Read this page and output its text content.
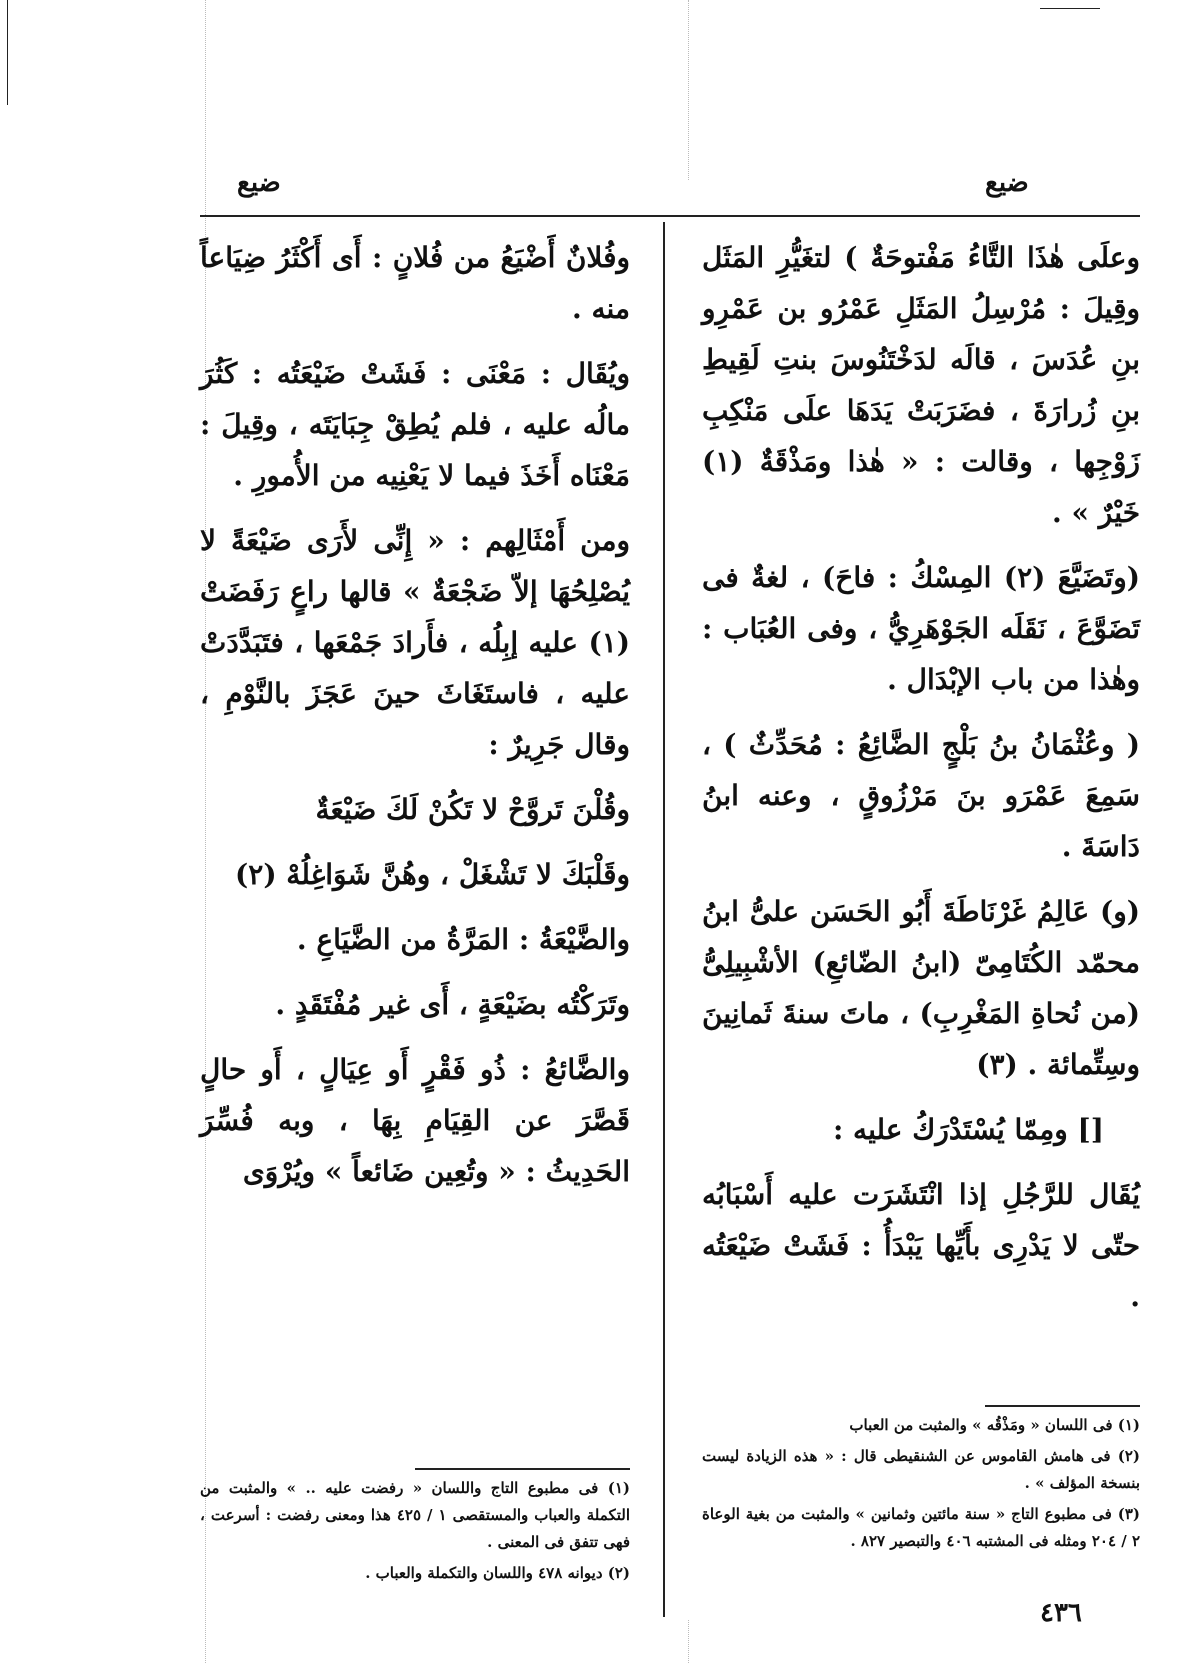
ضيع	ضيع

وعلَى هٰذَا التَّاءُ مَفْتوحَةٌ ) لتغَيُّرِ المَثَل وقِيلَ : مُرْسِلُ المَثَلِ عَمْرُو بن عَمْرِو بنِ عُدَسَ ، قالَه لدَخْتَنُوسَ بنتِ لَقِيطِ بنِ زُرارَةَ ، فضَرَبَتْ يَدَهَا علَى مَنْكِبِ زَوْجِها ، وقالت : « هٰذا ومَذْقَةٌ (١) خَيْرٌ » .

(وتَضَيَّعَ (٢) المِسْكُ : فاحَ) ، لغةٌ فى تَضَوَّعَ ، نَقَلَه الجَوْهَرِيُّ ، وفى العُبَاب : وهٰذا من باب الإبْدَال .

( وعُثْمَانُ بنُ بَلْجٍ الضَّائِعُ : مُحَدِّثٌ ) ، سَمِعَ عَمْرَو بنَ مَرْزُوقٍ ، وعنه ابنُ دَاسَةَ .

(و) عَالِمُ غَرْنَاطَةَ أَبُو الحَسَن علىُّ ابنُ محمّد الكُتَامِىّ (ابنُ الضّائعِ) الأشْبِيلِىُّ (من نُحاةِ المَغْرِبِ) ، ماتَ سنةَ ثَمانِينَ وسِتِّمائة . (٣)

[] ومِمّا يُسْتَدْرَكُ عليه :

يُقَال للرَّجُلِ إذا انْتَشَرَت عليه أَسْبَابُه حتّى لا يَدْرِى بأَيِّها يَبْدَأُ : فَشَتْ ضَيْعَتُه .

(١) فى اللسان « ومَذْقُه » والمثبت من العباب

(٢) فى هامش القاموس عن الشنقيطى قال : « هذه الزيادة ليست بنسخة المؤلف » .

(٣) فى مطبوع التاج « سنة مائتين وثمانين » والمثبت من بغية الوعاة ٢ / ٢٠٤ ومثله فى المشتبه ٤٠٦ والتبصير ٨٢٧ .

وفُلانٌ أَضْيَعُ من فُلانٍ : أَى أَكْثَرُ ضِيَاعاً منه .

ويُقَال : مَعْنَى : فَشَتْ ضَيْعَتُه : كَثُرَ مالُه عليه ، فلم يُطِقْ جِبَايَتَه ، وقِيلَ : مَعْنَاه أَخَذَ فيما لا يَعْنِيه من الأُمورِ .

ومن أَمْثَالِهم : « إِنِّى لأَرَى ضَيْعَةً لا يُصْلِحُهَا إلاّ ضَجْعَةٌ » قالها راعٍ رَفَضَتْ (١) عليه إبِلُه ، فأَرادَ جَمْعَها ، فتَبَدَّدَتْ عليه ، فاستَغَاثَ حينَ عَجَزَ بالنَّوْمِ ، وقال جَرِيرٌ :

وقُلْنَ تَروَّحْ لا تَكُنْ لَكَ ضَيْعَةٌ

وقَلْبَكَ لا تَشْغَلْ ، وهُنَّ شَوَاغِلُهْ (٢)

والضَّيْعَةُ : المَرَّةُ من الضَّيَاعِ .

وتَرَكْتُه بضَيْعَةٍ ، أَى غير مُفْتَقَدٍ .

والضَّائعُ : ذُو فَقْرٍ أَو عِيَالٍ ، أَو حالٍ قَصَّرَ عن القِيَامِ بِهَا ، وبه فُسِّرَ الحَدِيثُ : « وتُعِين ضَائعاً » ويُرْوَى

(١) فى مطبوع التاج واللسان « رفضت عليه .. » والمثبت من التكملة والعباب والمستقصى ١ / ٤٢٥ هذا ومعنى رفضت : أسرعت ، فهى تتفق فى المعنى .

(٢) ديوانه ٤٧٨ واللسان والتكملة والعباب .

٤٣٦
